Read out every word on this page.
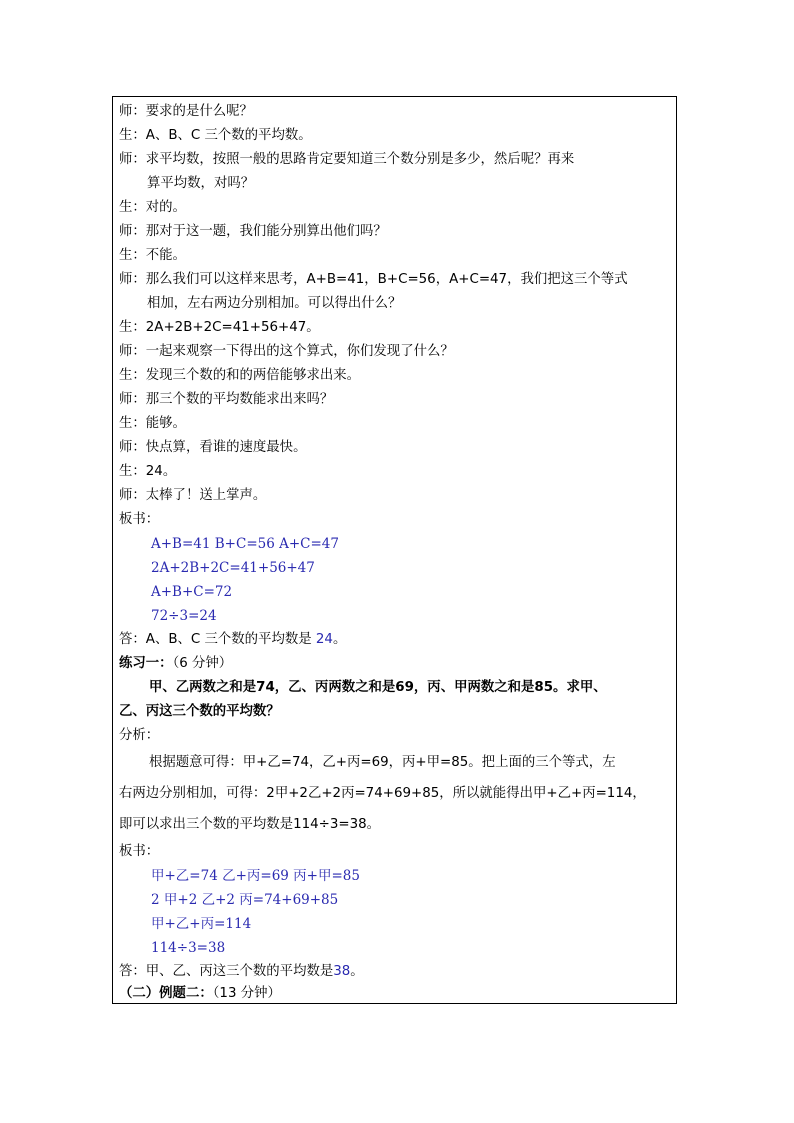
师：要求的是什么呢？
生：A、B、C 三个数的平均数。
师：求平均数，按照一般的思路肯定要知道三个数分别是多少，然后呢？再来
算平均数，对吗？
生：对的。
师：那对于这一题，我们能分别算出他们吗？
生：不能。
师：那么我们可以这样来思考，A+B=41，B+C=56，A+C=47，我们把这三个等式
相加，左右两边分别相加。可以得出什么？
生：2A+2B+2C=41+56+47。
师：一起来观察一下得出的这个算式，你们发现了什么？
生：发现三个数的和的两倍能够求出来。
师：那三个数的平均数能求出来吗？
生：能够。
师：快点算，看谁的速度最快。
生：24。
师：太棒了！送上掌声。
板书：
A+B=41 B+C=56 A+C=47
2A+2B+2C=41+56+47
A+B+C=72
72÷3=24
答：A、B、C 三个数的平均数是 24。
练习一：（6 分钟）
甲、乙两数之和是74，乙、丙两数之和是69，丙、甲两数之和是85。求甲、
乙、丙这三个数的平均数？
分析：
根据题意可得：甲+乙=74，乙+丙=69，丙+甲=85。把上面的三个等式，左
右两边分别相加，可得：2甲+2乙+2丙=74+69+85，所以就能得出甲+乙+丙=114，
即可以求出三个数的平均数是114÷3=38。
板书：
甲+乙=74 乙+丙=69 丙+甲=85
2 甲+2 乙+2 丙=74+69+85
甲+乙+丙=114
114÷3=38
答：甲、乙、丙这三个数的平均数是38。
（二）例题二：（13 分钟）
